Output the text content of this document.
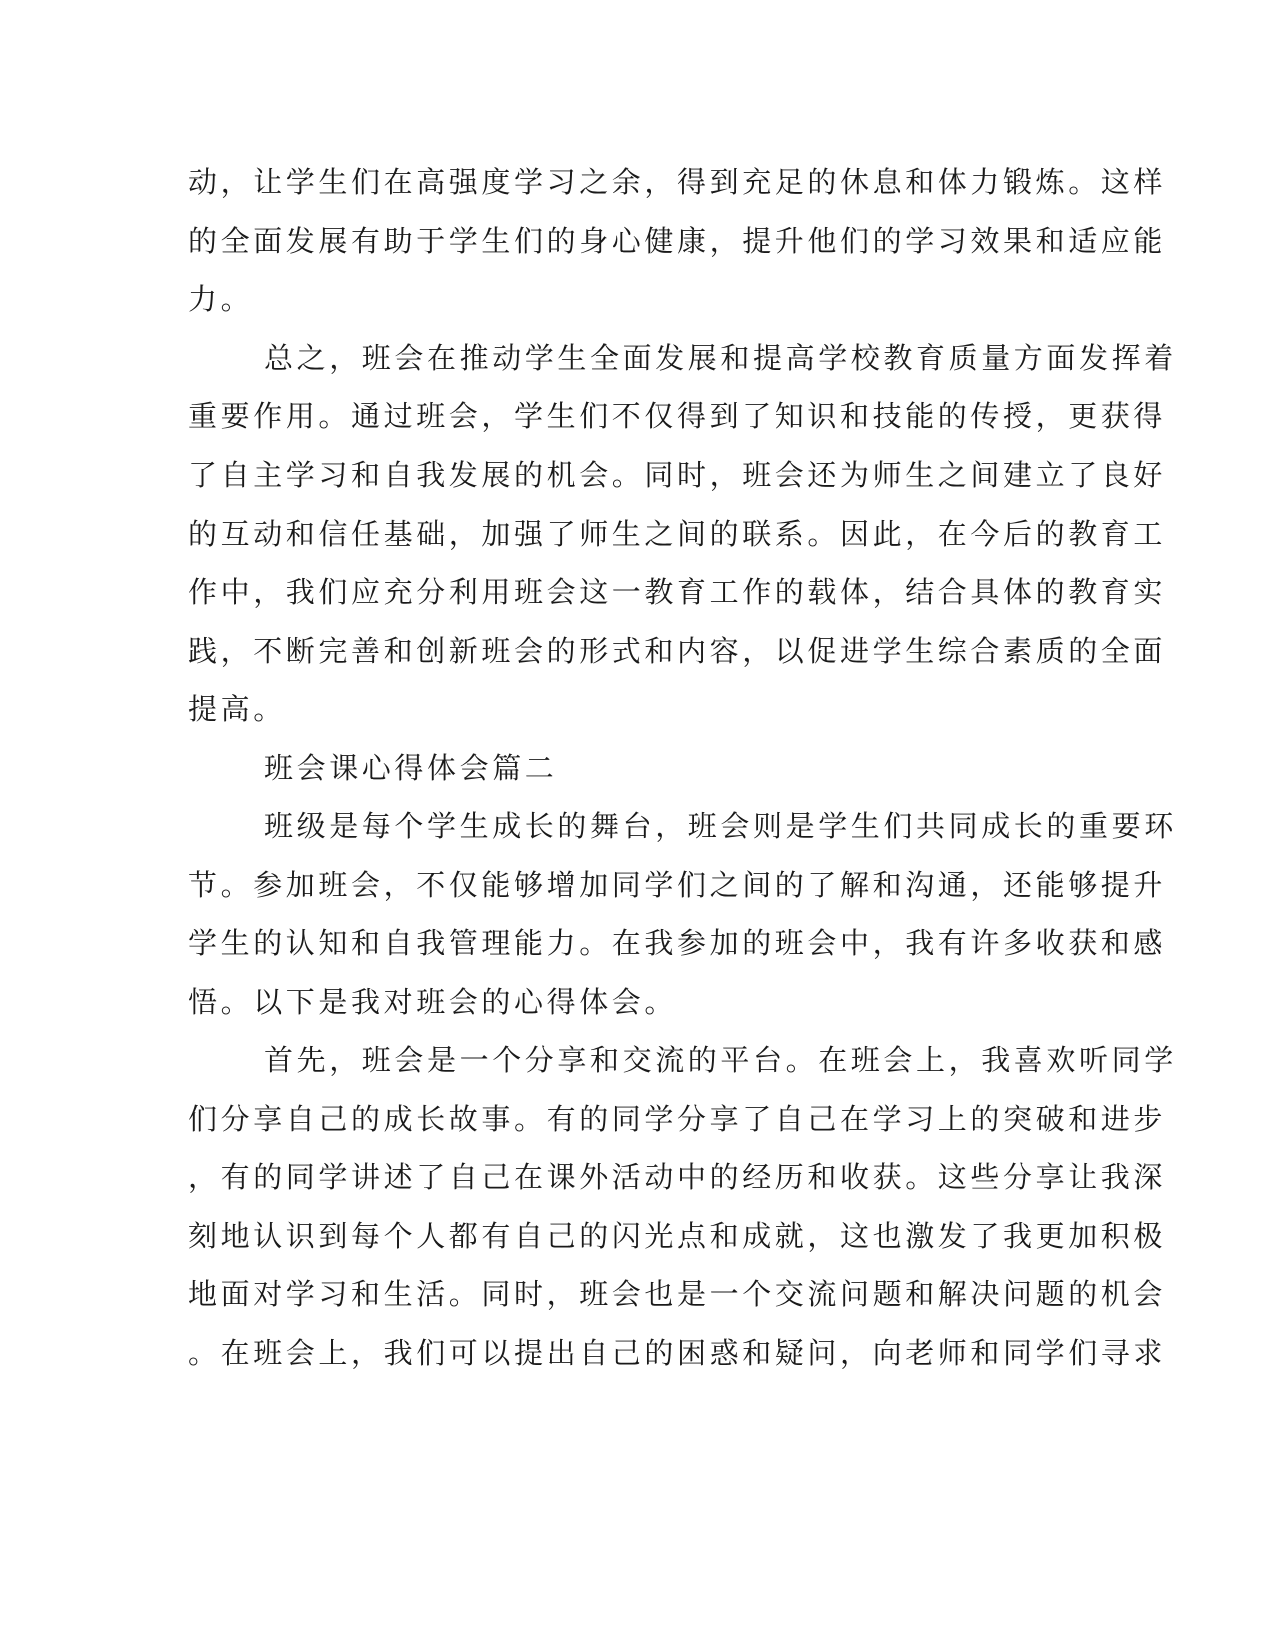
动，让学生们在高强度学习之余，得到充足的休息和体力锻炼。这样

的全面发展有助于学生们的身心健康，提升他们的学习效果和适应能

力。

总之，班会在推动学生全面发展和提高学校教育质量方面发挥着

重要作用。通过班会，学生们不仅得到了知识和技能的传授，更获得

了自主学习和自我发展的机会。同时，班会还为师生之间建立了良好

的互动和信任基础，加强了师生之间的联系。因此，在今后的教育工

作中，我们应充分利用班会这一教育工作的载体，结合具体的教育实

践，不断完善和创新班会的形式和内容，以促进学生综合素质的全面

提高。

班会课心得体会篇二

班级是每个学生成长的舞台，班会则是学生们共同成长的重要环

节。参加班会，不仅能够增加同学们之间的了解和沟通，还能够提升

学生的认知和自我管理能力。在我参加的班会中，我有许多收获和感

悟。以下是我对班会的心得体会。

首先，班会是一个分享和交流的平台。在班会上，我喜欢听同学

们分享自己的成长故事。有的同学分享了自己在学习上的突破和进步

，有的同学讲述了自己在课外活动中的经历和收获。这些分享让我深

刻地认识到每个人都有自己的闪光点和成就，这也激发了我更加积极

地面对学习和生活。同时，班会也是一个交流问题和解决问题的机会

。在班会上，我们可以提出自己的困惑和疑问，向老师和同学们寻求
